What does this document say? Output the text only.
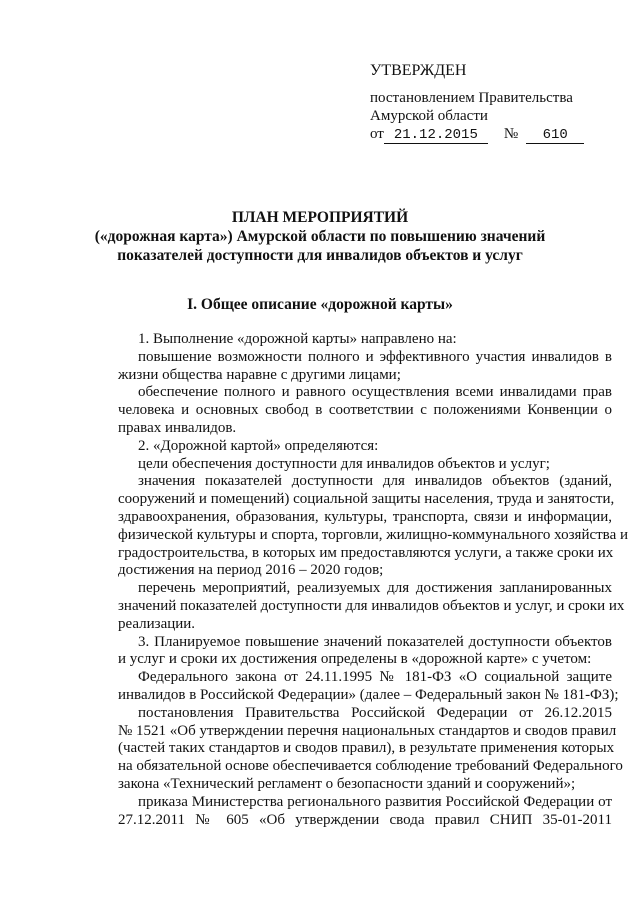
УТВЕРЖДЕН
постановлением Правительства
Амурской области
от 21.12.2015 № 610
ПЛАН МЕРОПРИЯТИЙ
(«дорожная карта») Амурской области по повышению значений
показателей доступности для инвалидов объектов и услуг
I. Общее описание «дорожной карты»
1. Выполнение «дорожной карты» направлено на:
повышение возможности полного и эффективного участия инвалидов в
жизни общества наравне с другими лицами;
обеспечение полного и равного осуществления всеми инвалидами прав
человека и основных свобод в соответствии с положениями Конвенции о
правах инвалидов.
2. «Дорожной картой» определяются:
цели обеспечения доступности для инвалидов объектов и услуг;
значения показателей доступности для инвалидов объектов (зданий,
сооружений и помещений) социальной защиты населения, труда и занятости,
здравоохранения, образования, культуры, транспорта, связи и информации,
физической культуры и спорта, торговли, жилищно-коммунального хозяйства и
градостроительства, в которых им предоставляются услуги, а также сроки их
достижения на период 2016 – 2020 годов;
перечень мероприятий, реализуемых для достижения запланированных
значений показателей доступности для инвалидов объектов и услуг, и сроки их
реализации.
3. Планируемое повышение значений показателей доступности объектов
и услуг и сроки их достижения определены в «дорожной карте» с учетом:
Федерального закона от 24.11.1995 № 181-ФЗ «О социальной защите
инвалидов в Российской Федерации» (далее – Федеральный закон № 181-ФЗ);
постановления Правительства Российской Федерации от 26.12.2015
№ 1521 «Об утверждении перечня национальных стандартов и сводов правил
(частей таких стандартов и сводов правил), в результате применения которых
на обязательной основе обеспечивается соблюдение требований Федерального
закона «Технический регламент о безопасности зданий и сооружений»;
приказа Министерства регионального развития Российской Федерации от
27.12.2011 № 605 «Об утверждении свода правил СНИП 35-01-2011
